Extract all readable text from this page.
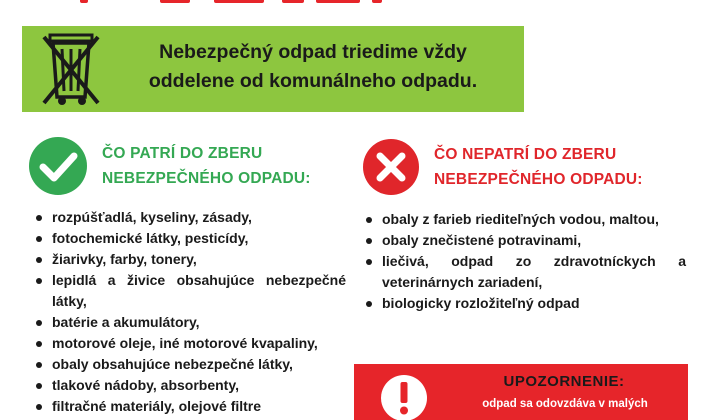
Nebezpečný odpad triedime vždy
oddelene od komunálneho odpadu.
ČO PATRÍ DO ZBERU
NEBEZPEČNÉHO ODPADU:
rozpúšťadlá, kyseliny, zásady,
fotochemické látky, pesticídy,
žiarivky, farby, tonery,
lepidlá a živice obsahujúce nebezpečné látky,
batérie a akumulátory,
motorové oleje, iné motorové kvapaliny,
obaly obsahujúce nebezpečné látky,
tlakové nádoby, absorbenty,
filtračné materiály, olejové filtre
ČO NEPATRÍ DO ZBERU
NEBEZPEČNÉHO ODPADU:
obaly z farieb riediteľných vodou, maltou,
obaly znečistené potravinami,
liečivá, odpad zo zdravotníckych a veterinárnych zariadení,
biologicky rozložiteľný odpad
UPOZORNENIE:
odpad sa odovzdáva v malých
